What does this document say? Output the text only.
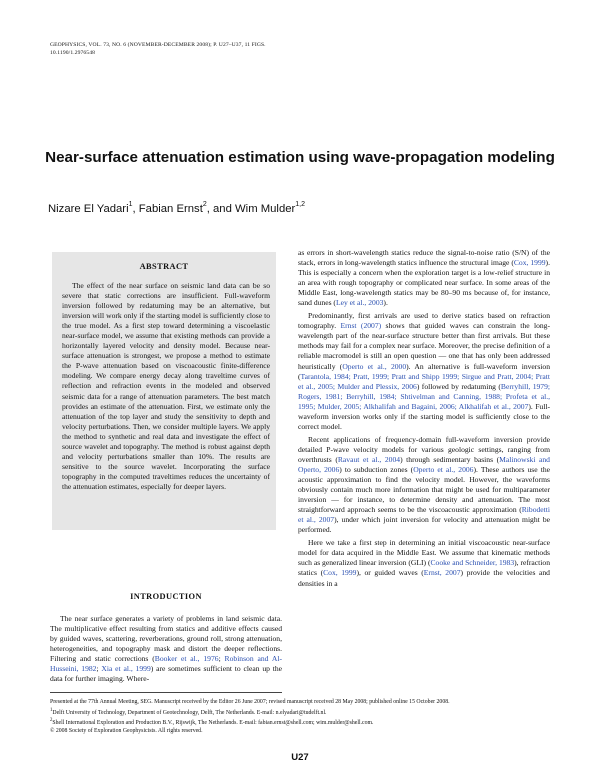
GEOPHYSICS, VOL. 73, NO. 6 (NOVEMBER-DECEMBER 2008); P. U27–U37, 11 FIGS.
10.1190/1.2976548
Near-surface attenuation estimation using wave-propagation modeling
Nizare El Yadari$^1$, Fabian Ernst$^2$, and Wim Mulder$^{1,2}$
ABSTRACT

The effect of the near surface on seismic land data can be so severe that static corrections are insufficient. Full-waveform inversion followed by redatuming may be an alternative, but inversion will work only if the starting model is sufficiently close to the true model. As a first step toward determining a viscoelastic near-surface model, we assume that existing methods can provide a horizontally layered velocity and density model. Because near-surface attenuation is strongest, we propose a method to estimate the P-wave attenuation based on viscoacoustic finite-difference modeling. We compare energy decay along traveltime curves of reflection and refraction events in the modeled and observed seismic data for a range of attenuation parameters. The best match provides an estimate of the attenuation. First, we estimate only the attenuation of the top layer and study the sensitivity to depth and velocity perturbations. Then, we consider multiple layers. We apply the method to synthetic and real data and investigate the effect of source wavelet and topography. The method is robust against depth and velocity perturbations smaller than 10%. The results are sensitive to the source wavelet. Incorporating the surface topography in the computed traveltimes reduces the uncertainty of the attenuation estimates, especially for deeper layers.

INTRODUCTION

The near surface generates a variety of problems in land seismic data. The multiplicative effect resulting from statics and additive effects caused by guided waves, scattering, reverberations, ground roll, strong attenuation, heterogeneities, and topography mask and distort the deeper reflections. Filtering and static corrections (Booker et al., 1976; Robinson and Al-Husseini, 1982; Xia et al., 1999) are sometimes sufficient to clean up the data for further imaging. Where-

as errors in short-wavelength statics reduce the signal-to-noise ratio (S/N) of the stack, errors in long-wavelength statics influence the structural image (Cox, 1999). This is especially a concern when the exploration target is a low-relief structure in an area with rough topography or complicated near surface. In some areas of the Middle East, long-wavelength statics may be 80–90 ms because of, for instance, sand dunes (Ley et al., 2003).

Predominantly, first arrivals are used to derive statics based on refraction tomography. Ernst (2007) shows that guided waves can constrain the long-wavelength part of the near-surface structure better than first arrivals. But these methods may fail for a complex near surface. Moreover, the precise definition of a reliable macromodel is still an open question — one that has only been addressed heuristically (Operto et al., 2000). An alternative is full-waveform inversion (Tarantola, 1984; Pratt, 1999; Pratt and Shipp 1999; Sirgue and Pratt, 2004; Pratt et al., 2005; Mulder and Plessix, 2006) followed by redatuming (Berryhill, 1979; Rogers, 1981; Berryhill, 1984; Shtivelman and Canning, 1988; Profeta et al., 1995; Mulder, 2005; Alkhalifah and Bagaini, 2006; Alkhalifah et al., 2007). Full-waveform inversion works only if the starting model is sufficiently close to the correct model.

Recent applications of frequency-domain full-waveform inversion provide detailed P-wave velocity models for various geologic settings, ranging from overthrusts (Ravaut et al., 2004) through sedimentary basins (Malinowski and Operto, 2006) to subduction zones (Operto et al., 2006). These authors use the acoustic approximation to find the velocity model. However, the waveforms obviously contain much more information that might be used for multiparameter inversion — for instance, to determine density and attenuation. The most straightforward approach seems to be the viscoacoustic approximation (Ribodetti et al., 2007), under which joint inversion for velocity and attenuation might be performed.

Here we take a first step in determining an initial viscoacoustic near-surface model for data acquired in the Middle East. We assume that kinematic methods such as generalized linear inversion (GLI) (Cooke and Schneider, 1983), refraction statics (Cox, 1999), or guided waves (Ernst, 2007) provide the velocities and densities in a

Presented at the 77th Annual Meeting, SEG. Manuscript received by the Editor 26 June 2007; revised manuscript received 28 May 2008; published online 15 October 2008.
$^1$Delft University of Technology, Department of Geotechnology, Delft, The Netherlands. E-mail: n.elyadari@tudelft.nl.
$^2$Shell International Exploration and Production B.V., Rijswijk, The Netherlands. E-mail: fabian.ernst@shell.com; wim.mulder@shell.com.
© 2008 Society of Exploration Geophysicists. All rights reserved.
U27
